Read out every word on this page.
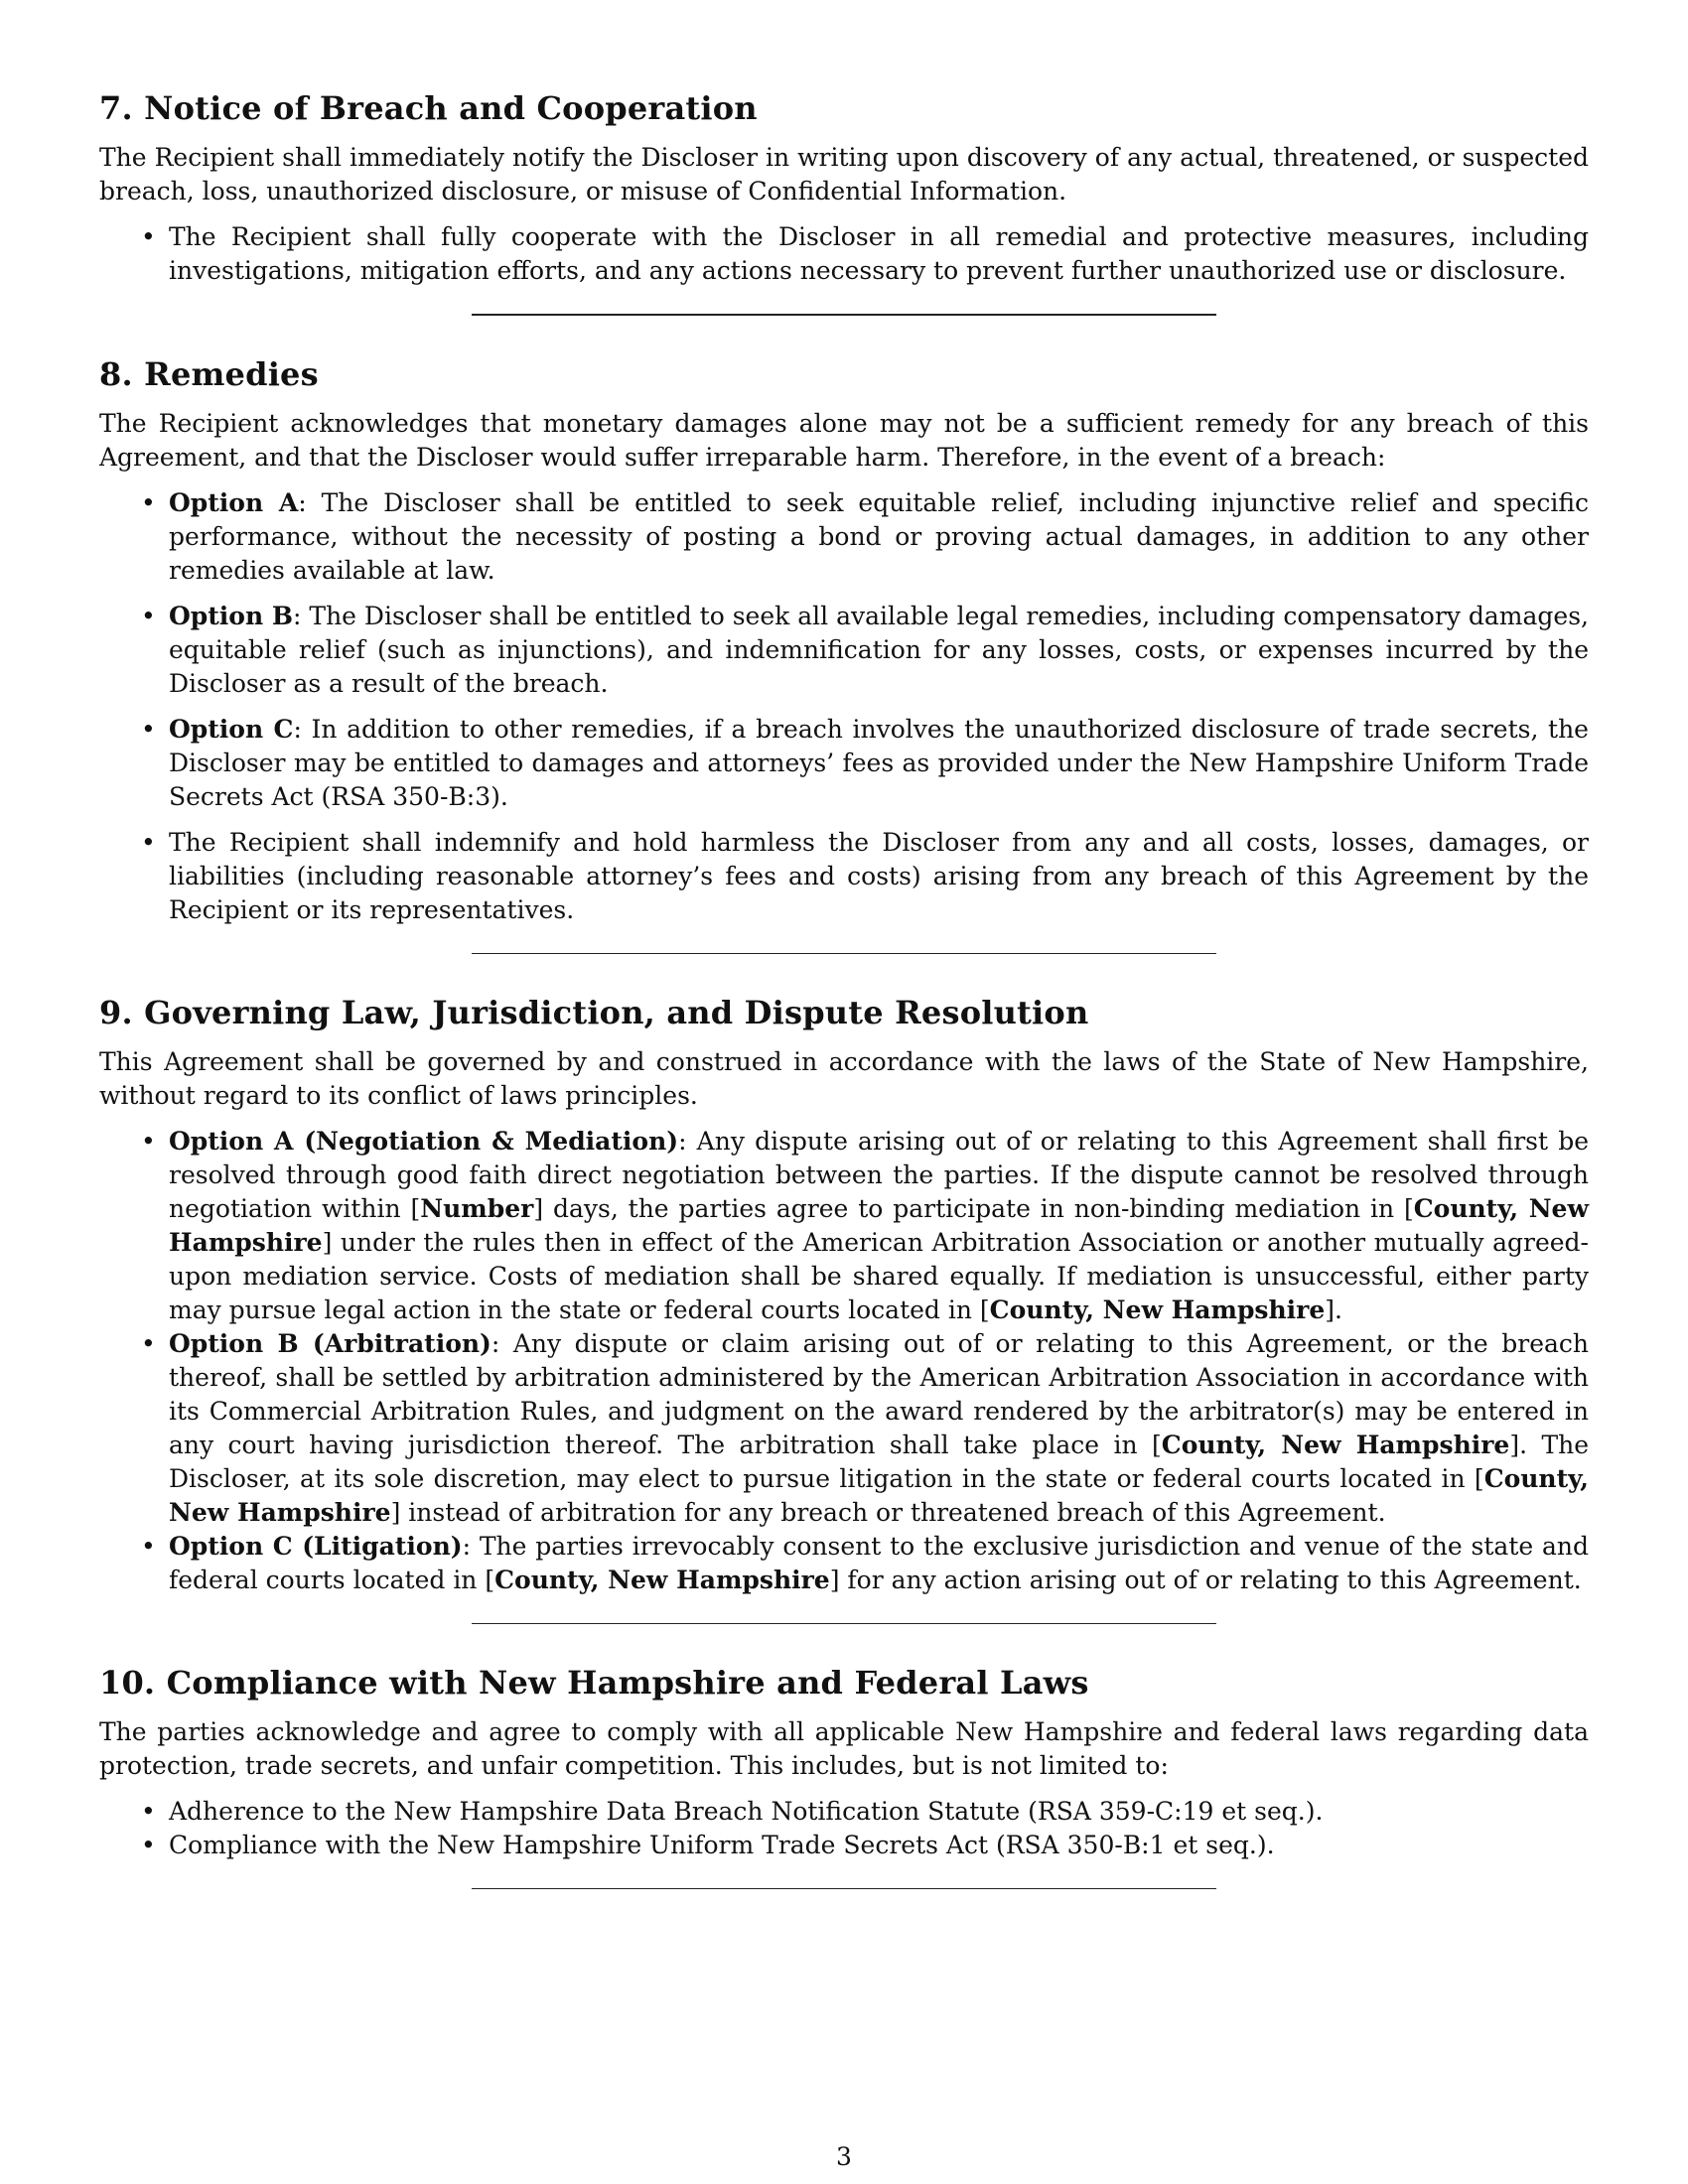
7. Notice of Breach and Cooperation

The Recipient shall immediately notify the Discloser in writing upon discovery of any actual, threatened, or suspected breach, loss, unauthorized disclosure, or misuse of Confidential Information.

• The Recipient shall fully cooperate with the Discloser in all remedial and protective measures, including investigations, mitigation efforts, and any actions necessary to prevent further unauthorized use or disclosure.
8. Remedies

The Recipient acknowledges that monetary damages alone may not be a sufficient remedy for any breach of this Agreement, and that the Discloser would suffer irreparable harm. Therefore, in the event of a breach:

• Option A: The Discloser shall be entitled to seek equitable relief, including injunctive relief and specific performance, without the necessity of posting a bond or proving actual damages, in addition to any other remedies available at law.
• Option B: The Discloser shall be entitled to seek all available legal remedies, including compensatory damages, equitable relief (such as injunctions), and indemnification for any losses, costs, or expenses incurred by the Discloser as a result of the breach.
• Option C: In addition to other remedies, if a breach involves the unauthorized disclosure of trade secrets, the Discloser may be entitled to damages and attorneys’ fees as provided under the New Hampshire Uniform Trade Secrets Act (RSA 350-B:3).
• The Recipient shall indemnify and hold harmless the Discloser from any and all costs, losses, damages, or liabilities (including reasonable attorney’s fees and costs) arising from any breach of this Agreement by the Recipient or its representatives.
9. Governing Law, Jurisdiction, and Dispute Resolution

This Agreement shall be governed by and construed in accordance with the laws of the State of New Hampshire, without regard to its conflict of laws principles.

• Option A (Negotiation & Mediation): Any dispute arising out of or relating to this Agreement shall first be resolved through good faith direct negotiation between the parties. If the dispute cannot be resolved through negotiation within [Number] days, the parties agree to participate in non-binding mediation in [County, New Hampshire] under the rules then in effect of the American Arbitration Association or another mutually agreed-upon mediation service. Costs of mediation shall be shared equally. If mediation is unsuccessful, either party may pursue legal action in the state or federal courts located in [County, New Hampshire].
• Option B (Arbitration): Any dispute or claim arising out of or relating to this Agreement, or the breach thereof, shall be settled by arbitration administered by the American Arbitration Association in accordance with its Commercial Arbitration Rules, and judgment on the award rendered by the arbitrator(s) may be entered in any court having jurisdiction thereof. The arbitration shall take place in [County, New Hampshire]. The Discloser, at its sole discretion, may elect to pursue litigation in the state or federal courts located in [County, New Hampshire] instead of arbitration for any breach or threatened breach of this Agreement.
• Option C (Litigation): The parties irrevocably consent to the exclusive jurisdiction and venue of the state and federal courts located in [County, New Hampshire] for any action arising out of or relating to this Agreement.
10. Compliance with New Hampshire and Federal Laws

The parties acknowledge and agree to comply with all applicable New Hampshire and federal laws regarding data protection, trade secrets, and unfair competition. This includes, but is not limited to:

• Adherence to the New Hampshire Data Breach Notification Statute (RSA 359-C:19 et seq.).
• Compliance with the New Hampshire Uniform Trade Secrets Act (RSA 350-B:1 et seq.).
3
